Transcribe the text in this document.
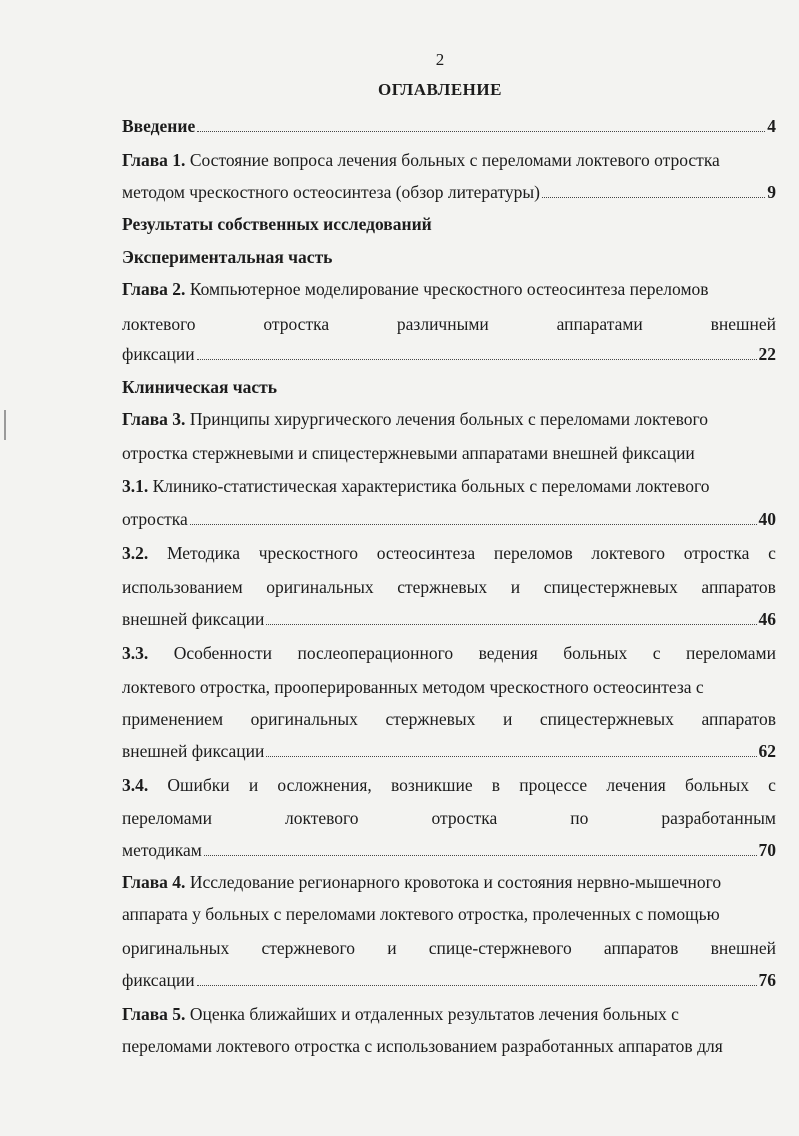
2
ОГЛАВЛЕНИЕ
Введение	4
Глава 1. Состояние вопроса лечения больных с переломами локтевого отростка
методом чрескостного остеосинтеза (обзор литературы)	9
Результаты собственных исследований
Экспериментальная часть
Глава 2. Компьютерное моделирование чрескостного остеосинтеза переломов
локтевого	отростка	различными	аппаратами	внешней
фиксации	22
Клиническая часть
Глава 3. Принципы хирургического лечения больных с переломами локтевого
отростка стержневыми и спицестержневыми аппаратами внешней фиксации
3.1. Клинико-статистическая характеристика больных с переломами локтевого
отростка	40
3.2. Методика чрескостного остеосинтеза переломов локтевого отростка с
использованием оригинальных стержневых и спицестержневых аппаратов
внешней фиксации	46
3.3. Особенности послеоперационного ведения больных с переломами
локтевого отростка, прооперированных методом чрескостного остеосинтеза с
применением оригинальных стержневых и спицестержневых аппаратов
внешней фиксации	62
3.4. Ошибки и осложнения, возникшие в процессе лечения больных с
переломами	локтевого	отростка	по	разработанным
методикам	70
Глава 4. Исследование регионарного кровотока и состояния нервно-мышечного
аппарата у больных с переломами локтевого отростка, пролеченных с помощью
оригинальных стержневого и спице-стержневого аппаратов внешней
фиксации	76
Глава 5. Оценка ближайших и отдаленных результатов лечения больных с
переломами локтевого отростка с использованием разработанных аппаратов для
